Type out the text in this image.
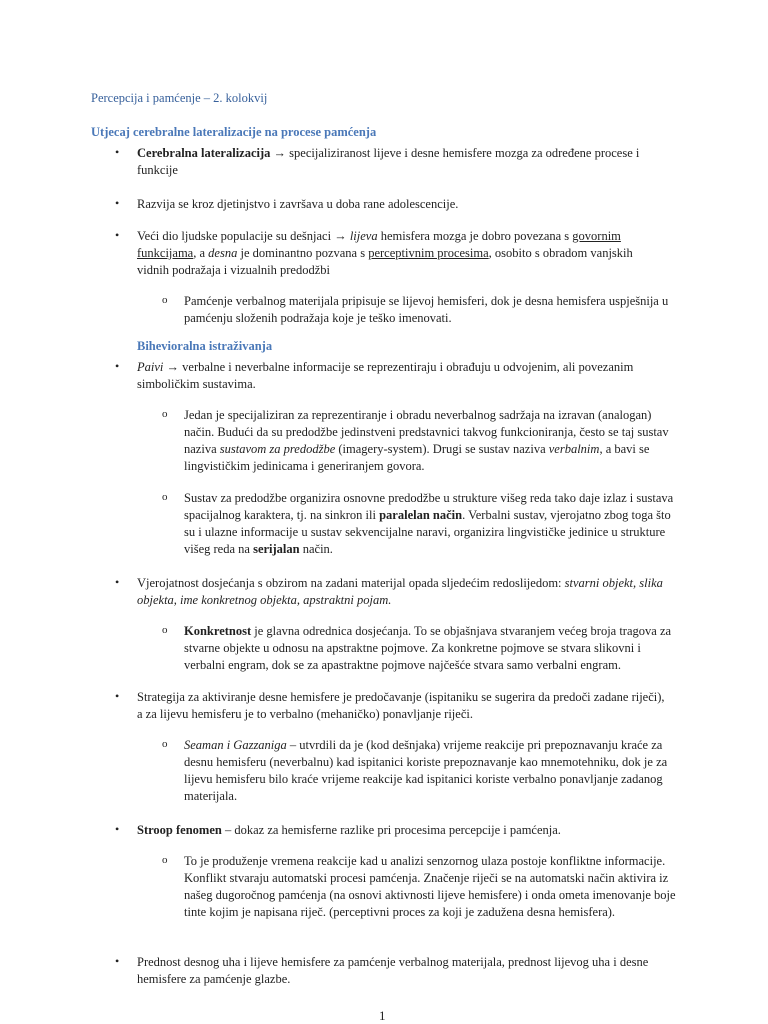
Percepcija i pamćenje – 2. kolokvij
Utjecaj cerebralne lateralizacije na procese pamćenja
• Cerebralna lateralizacija → specijaliziranost lijeve i desne hemisfere mozga za određene procese i funkcije
• Razvija se kroz djetinjstvo i završava u doba rane adolescencije.
• Veći dio ljudske populacije su dešnjaci → lijeva hemisfera mozga je dobro povezana s govornim funkcijama, a desna je dominantno pozvana s perceptivnim procesima, osobito s obradom vanjskih vidnih podražaja i vizualnih predodžbi
o Pamćenje verbalnog materijala pripisuje se lijevoj hemisferi, dok je desna hemisfera uspješnija u pamćenju složenih podražaja koje je teško imenovati.
Bihevioralna istraživanja
• Paivi → verbalne i neverbalne informacije se reprezentiraju i obrađuju u odvojenim, ali povezanim simboličkim sustavima.
o Jedan je specijaliziran za reprezentiranje i obradu neverbalnog sadržaja na izravan (analogan) način. Budući da su predodžbe jedinstveni predstavnici takvog funkcioniranja, često se taj sustav naziva sustavom za predodžbe (imagery-system). Drugi se sustav naziva verbalnim, a bavi se lingvističkim jedinicama i generiranjem govora.
o Sustav za predodžbe organizira osnovne predodžbe u strukture višeg reda tako daje izlaz i sustava spacijalnog karaktera, tj. na sinkron ili paralelan način. Verbalni sustav, vjerojatno zbog toga što su i ulazne informacije u sustav sekvencijalne naravi, organizira lingvističke jedinice u strukture višeg reda na serijalan način.
• Vjerojatnost dosjećanja s obzirom na zadani materijal opada sljedećim redoslijedom: stvarni objekt, slika objekta, ime konkretnog objekta, apstraktni pojam.
o Konkretnost je glavna odrednica dosjećanja. To se objašnjava stvaranjem većeg broja tragova za stvarne objekte u odnosu na apstraktne pojmove. Za konkretne pojmove se stvara slikovni i verbalni engram, dok se za apastraktne pojmove najčešće stvara samo verbalni engram.
• Strategija za aktiviranje desne hemisfere je predočavanje (ispitaniku se sugerira da predoči zadane riječi), a za lijevu hemisferu je to verbalno (mehaničko) ponavljanje riječi.
o Seaman i Gazzaniga – utvrdili da je (kod dešnjaka) vrijeme reakcije pri prepoznavanju kraće za desnu hemisferu (neverbalnu) kad ispitanici koriste prepoznavanje kao mnemotehniku, dok je za lijevu hemisferu bilo kraće vrijeme reakcije kad ispitanici koriste verbalno ponavljanje zadanog materijala.
• Stroop fenomen – dokaz za hemisferne razlike pri procesima percepcije i pamćenja.
o To je produženje vremena reakcije kad u analizi senzornog ulaza postoje konfliktne informacije. Konflikt stvaraju automatski procesi pamćenja. Značenje riječi se na automatski način aktivira iz našeg dugoročnog pamćenja (na osnovi aktivnosti lijeve hemisfere) i onda ometa imenovanje boje tinte kojim je napisana riječ. (perceptivni proces za koji je zadužena desna hemisfera).
• Prednost desnog uha i lijeve hemisfere za pamćenje verbalnog materijala, prednost lijevog uha i desne hemisfere za pamćenje glazbe.
1
